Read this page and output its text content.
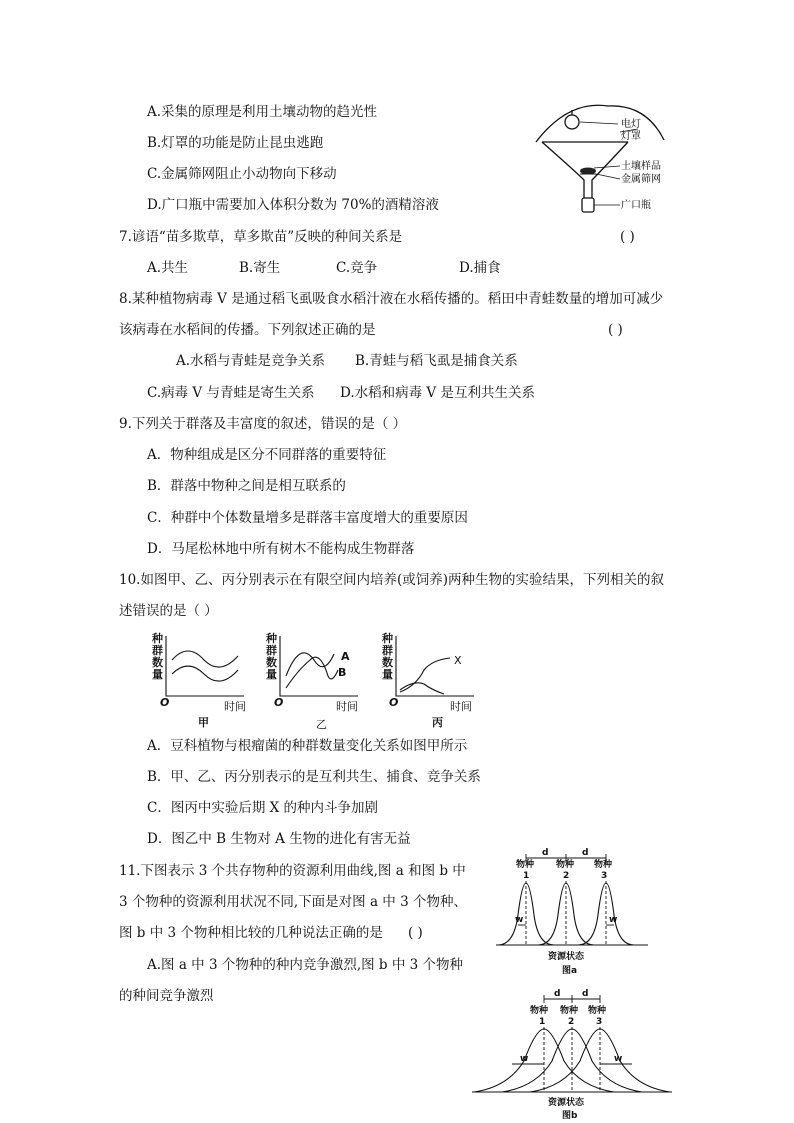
A.采集的原理是利用土壤动物的趋光性
B.灯罩的功能是防止昆虫逃跑
C.金属筛网阻止小动物向下移动
D.广口瓶中需要加入体积分数为 70%的酒精溶液
电灯
灯罩
土壤样品
金属筛网
广口瓶
7.谚语“苗多欺草，草多欺苗”反映的种间关系是	( )
A.共生	B.寄生	C.竞争	D.捕食
8.某种植物病毒 V 是通过稻飞虱吸食水稻汁液在水稻传播的。稻田中青蛙数量的增加可减少
该病毒在水稻间的传播。下列叙述正确的是	( )
A.水稻与青蛙是竞争关系 B.青蛙与稻飞虱是捕食关系
C.病毒 V 与青蛙是寄生关系 D.水稻和病毒 V 是互利共生关系
9.下列关于群落及丰富度的叙述，错误的是（ ）
A．物种组成是区分不同群落的重要特征
B．群落中物种之间是相互联系的
C．种群中个体数量增多是群落丰富度增大的重要原因
D．马尾松林地中所有树木不能构成生物群落
10.如图甲、乙、丙分别表示在有限空间内培养(或饲养)两种生物的实验结果，下列相关的叙
述错误的是（ ）
种
群
数
量
O	时间
甲
种
群
数
量
O	时间
乙
A
B
种
群
数
量
O	时间
丙
X
A．豆科植物与根瘤菌的种群数量变化关系如图甲所示
B．甲、乙、丙分别表示的是互利共生、捕食、竞争关系
C．图丙中实验后期 X 的种内斗争加剧
D．图乙中 B 生物对 A 生物的进化有害无益
11.下图表示 3 个共存物种的资源利用曲线,图 a 和图 b 中
3 个物种的资源利用状况不同,下面是对图 a 中 3 个物种、
图 b 中 3 个物种相比较的几种说法正确的是 ( )
A.图 a 中 3 个物种的种内竞争激烈,图 b 中 3 个物种
的种间竞争激烈
物种 物种 物种
1	2	3
d	d
w	w
资源状态
图a
物种 物种 物种
1	2 3
d d
w	w
资源状态
图b
